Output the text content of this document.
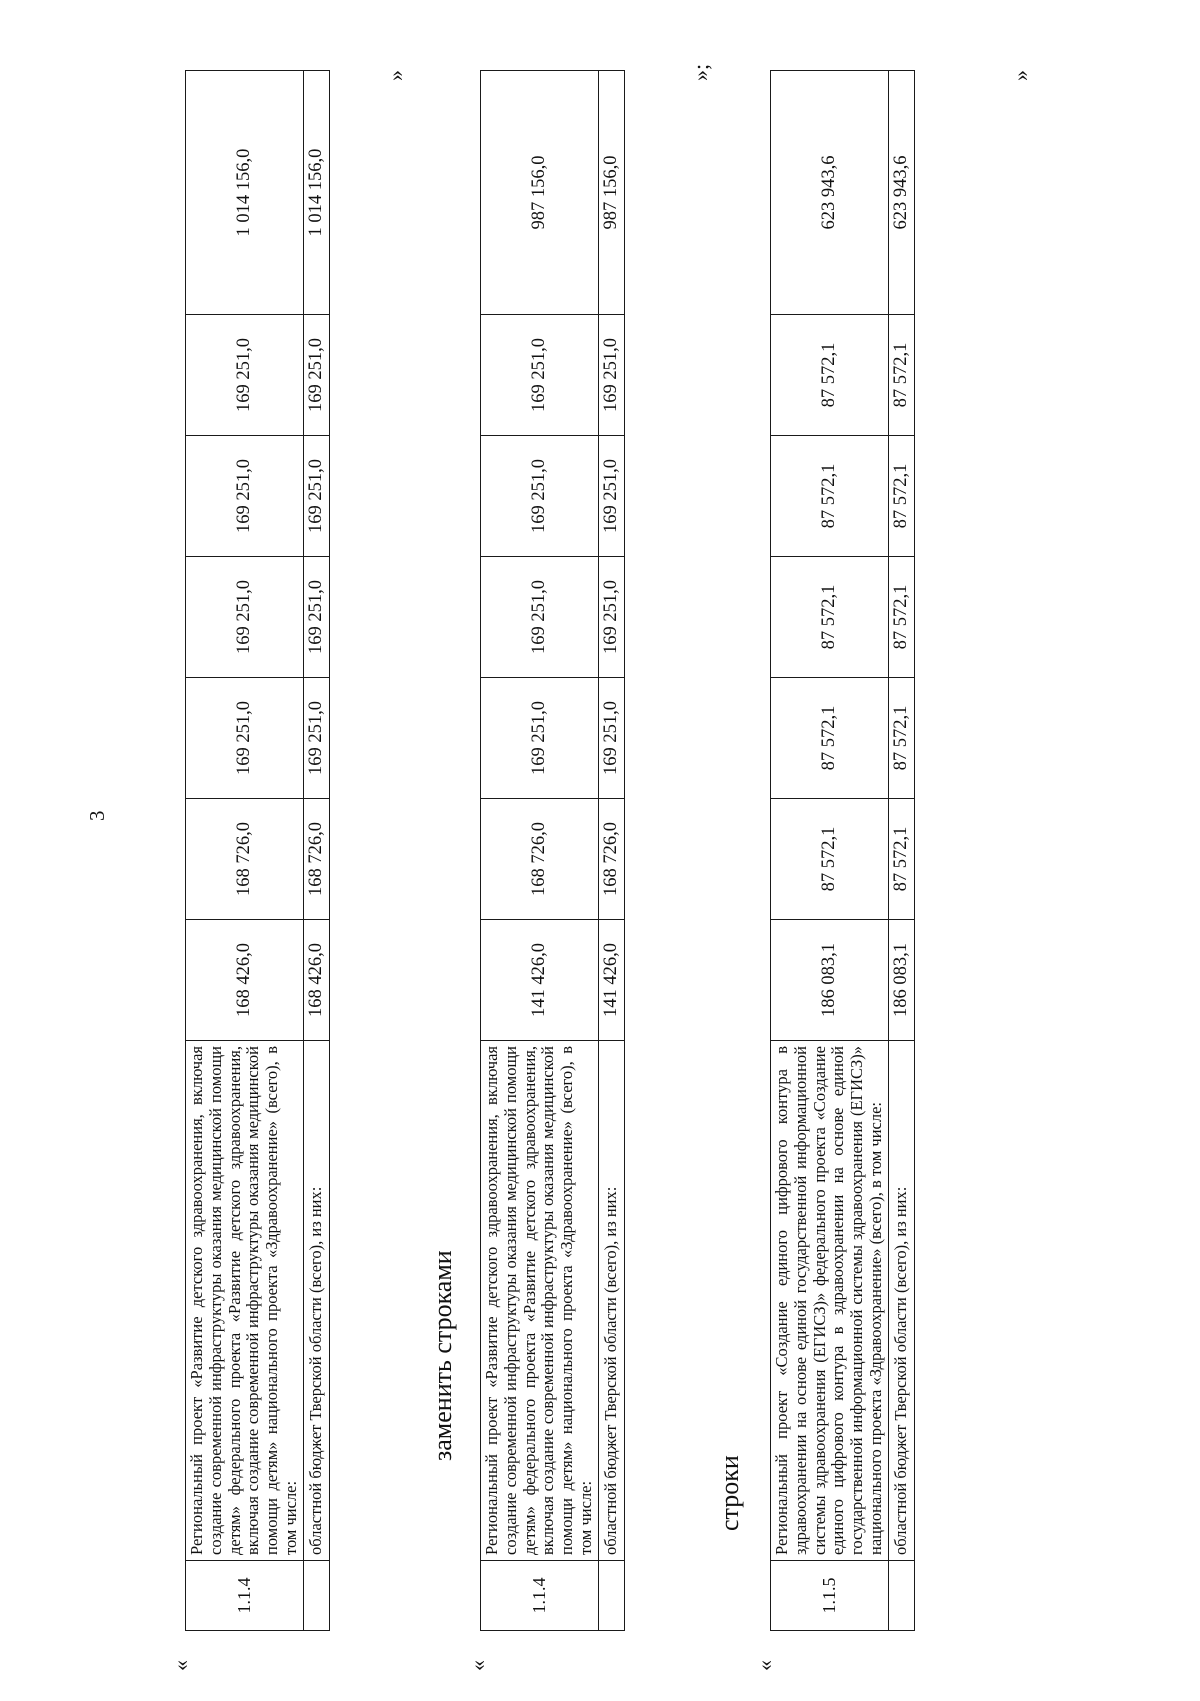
3
«
1.1.4	Региональный проект «Развитие детского здравоохранения, включая создание современной инфраструктуры оказания медицинской помощи детям» федерального проекта «Развитие детского здравоохранения, включая создание современной инфраструктуры оказания медицинской помощи детям» национального проекта «Здравоохранение» (всего), в том числе:	168 426,0	168 726,0	169 251,0	169 251,0	169 251,0	169 251,0	1 014 156,0
	областной бюджет Тверской области (всего), из них:	168 426,0	168 726,0	169 251,0	169 251,0	169 251,0	169 251,0	1 014 156,0
»
заменить строками
«
1.1.4	Региональный проект «Развитие детского здравоохранения, включая создание современной инфраструктуры оказания медицинской помощи детям» федерального проекта «Развитие детского здравоохранения, включая создание современной инфраструктуры оказания медицинской помощи детям» национального проекта «Здравоохранение» (всего), в том числе:	141 426,0	168 726,0	169 251,0	169 251,0	169 251,0	169 251,0	987 156,0
	областной бюджет Тверской области (всего), из них:	141 426,0	168 726,0	169 251,0	169 251,0	169 251,0	169 251,0	987 156,0
»;
строки
«
1.1.5	Региональный проект «Создание единого цифрового контура в здравоохранении на основе единой государственной информационной системы здравоохранения (ЕГИСЗ)» федерального проекта «Создание единого цифрового контура в здравоохранении на основе единой государственной информационной системы здравоохранения (ЕГИСЗ)» национального проекта «Здравоохранение» (всего), в том числе:	186 083,1	87 572,1	87 572,1	87 572,1	87 572,1	87 572,1	623 943,6
	областной бюджет Тверской области (всего), из них:	186 083,1	87 572,1	87 572,1	87 572,1	87 572,1	87 572,1	623 943,6
»
